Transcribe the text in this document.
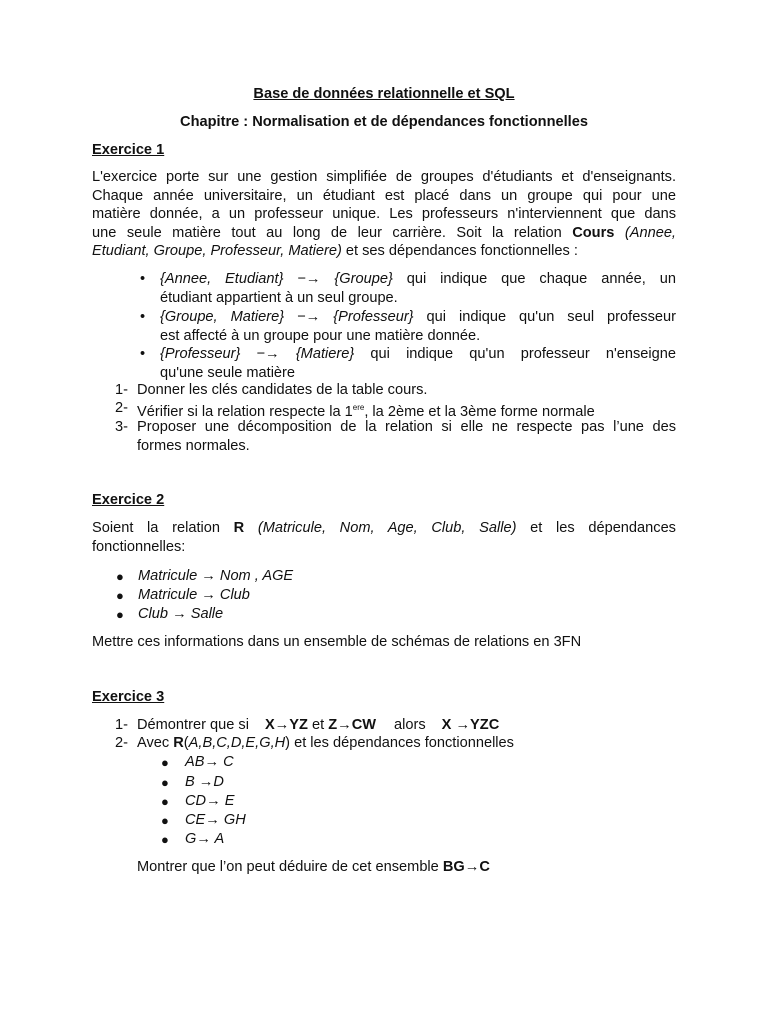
Base de données relationnelle et SQL
Chapitre : Normalisation et de dépendances fonctionnelles
Exercice 1
L'exercice porte sur une gestion simplifiée de groupes d'étudiants et d'enseignants.
Chaque année universitaire, un étudiant est placé dans un groupe qui pour une
matière donnée, a un professeur unique. Les professeurs n'interviennent que dans
une seule matière tout au long de leur carrière. Soit la relation Cours (Annee,
Etudiant, Groupe, Professeur, Matiere) et ses dépendances fonctionnelles :
• {Annee, Etudiant} −→ {Groupe} qui indique que chaque année, un
étudiant appartient à un seul groupe.
• {Groupe, Matiere} −→ {Professeur} qui indique qu'un seul professeur
est affecté à un groupe pour une matière donnée.
• {Professeur} −→ {Matiere} qui indique qu'un professeur n'enseigne
qu'une seule matière
1- Donner les clés candidates de la table cours.
2- Vérifier si la relation respecte la 1ere, la 2ème et la 3ème forme normale
3- Proposer une décomposition de la relation si elle ne respecte pas l’une des
formes normales.
Exercice 2
Soient la relation R (Matricule, Nom, Age, Club, Salle) et les dépendances
fonctionnelles:
● Matricule → Nom , AGE
● Matricule → Club
● Club → Salle
Mettre ces informations dans un ensemble de schémas de relations en 3FN
Exercice 3
1- Démontrer que si X→YZ et Z→CW alors X →YZC
2- Avec R(A,B,C,D,E,G,H) et les dépendances fonctionnelles
● AB→ C
● B →D
● CD→ E
● CE→ GH
● G→ A
Montrer que l’on peut déduire de cet ensemble BG→C
